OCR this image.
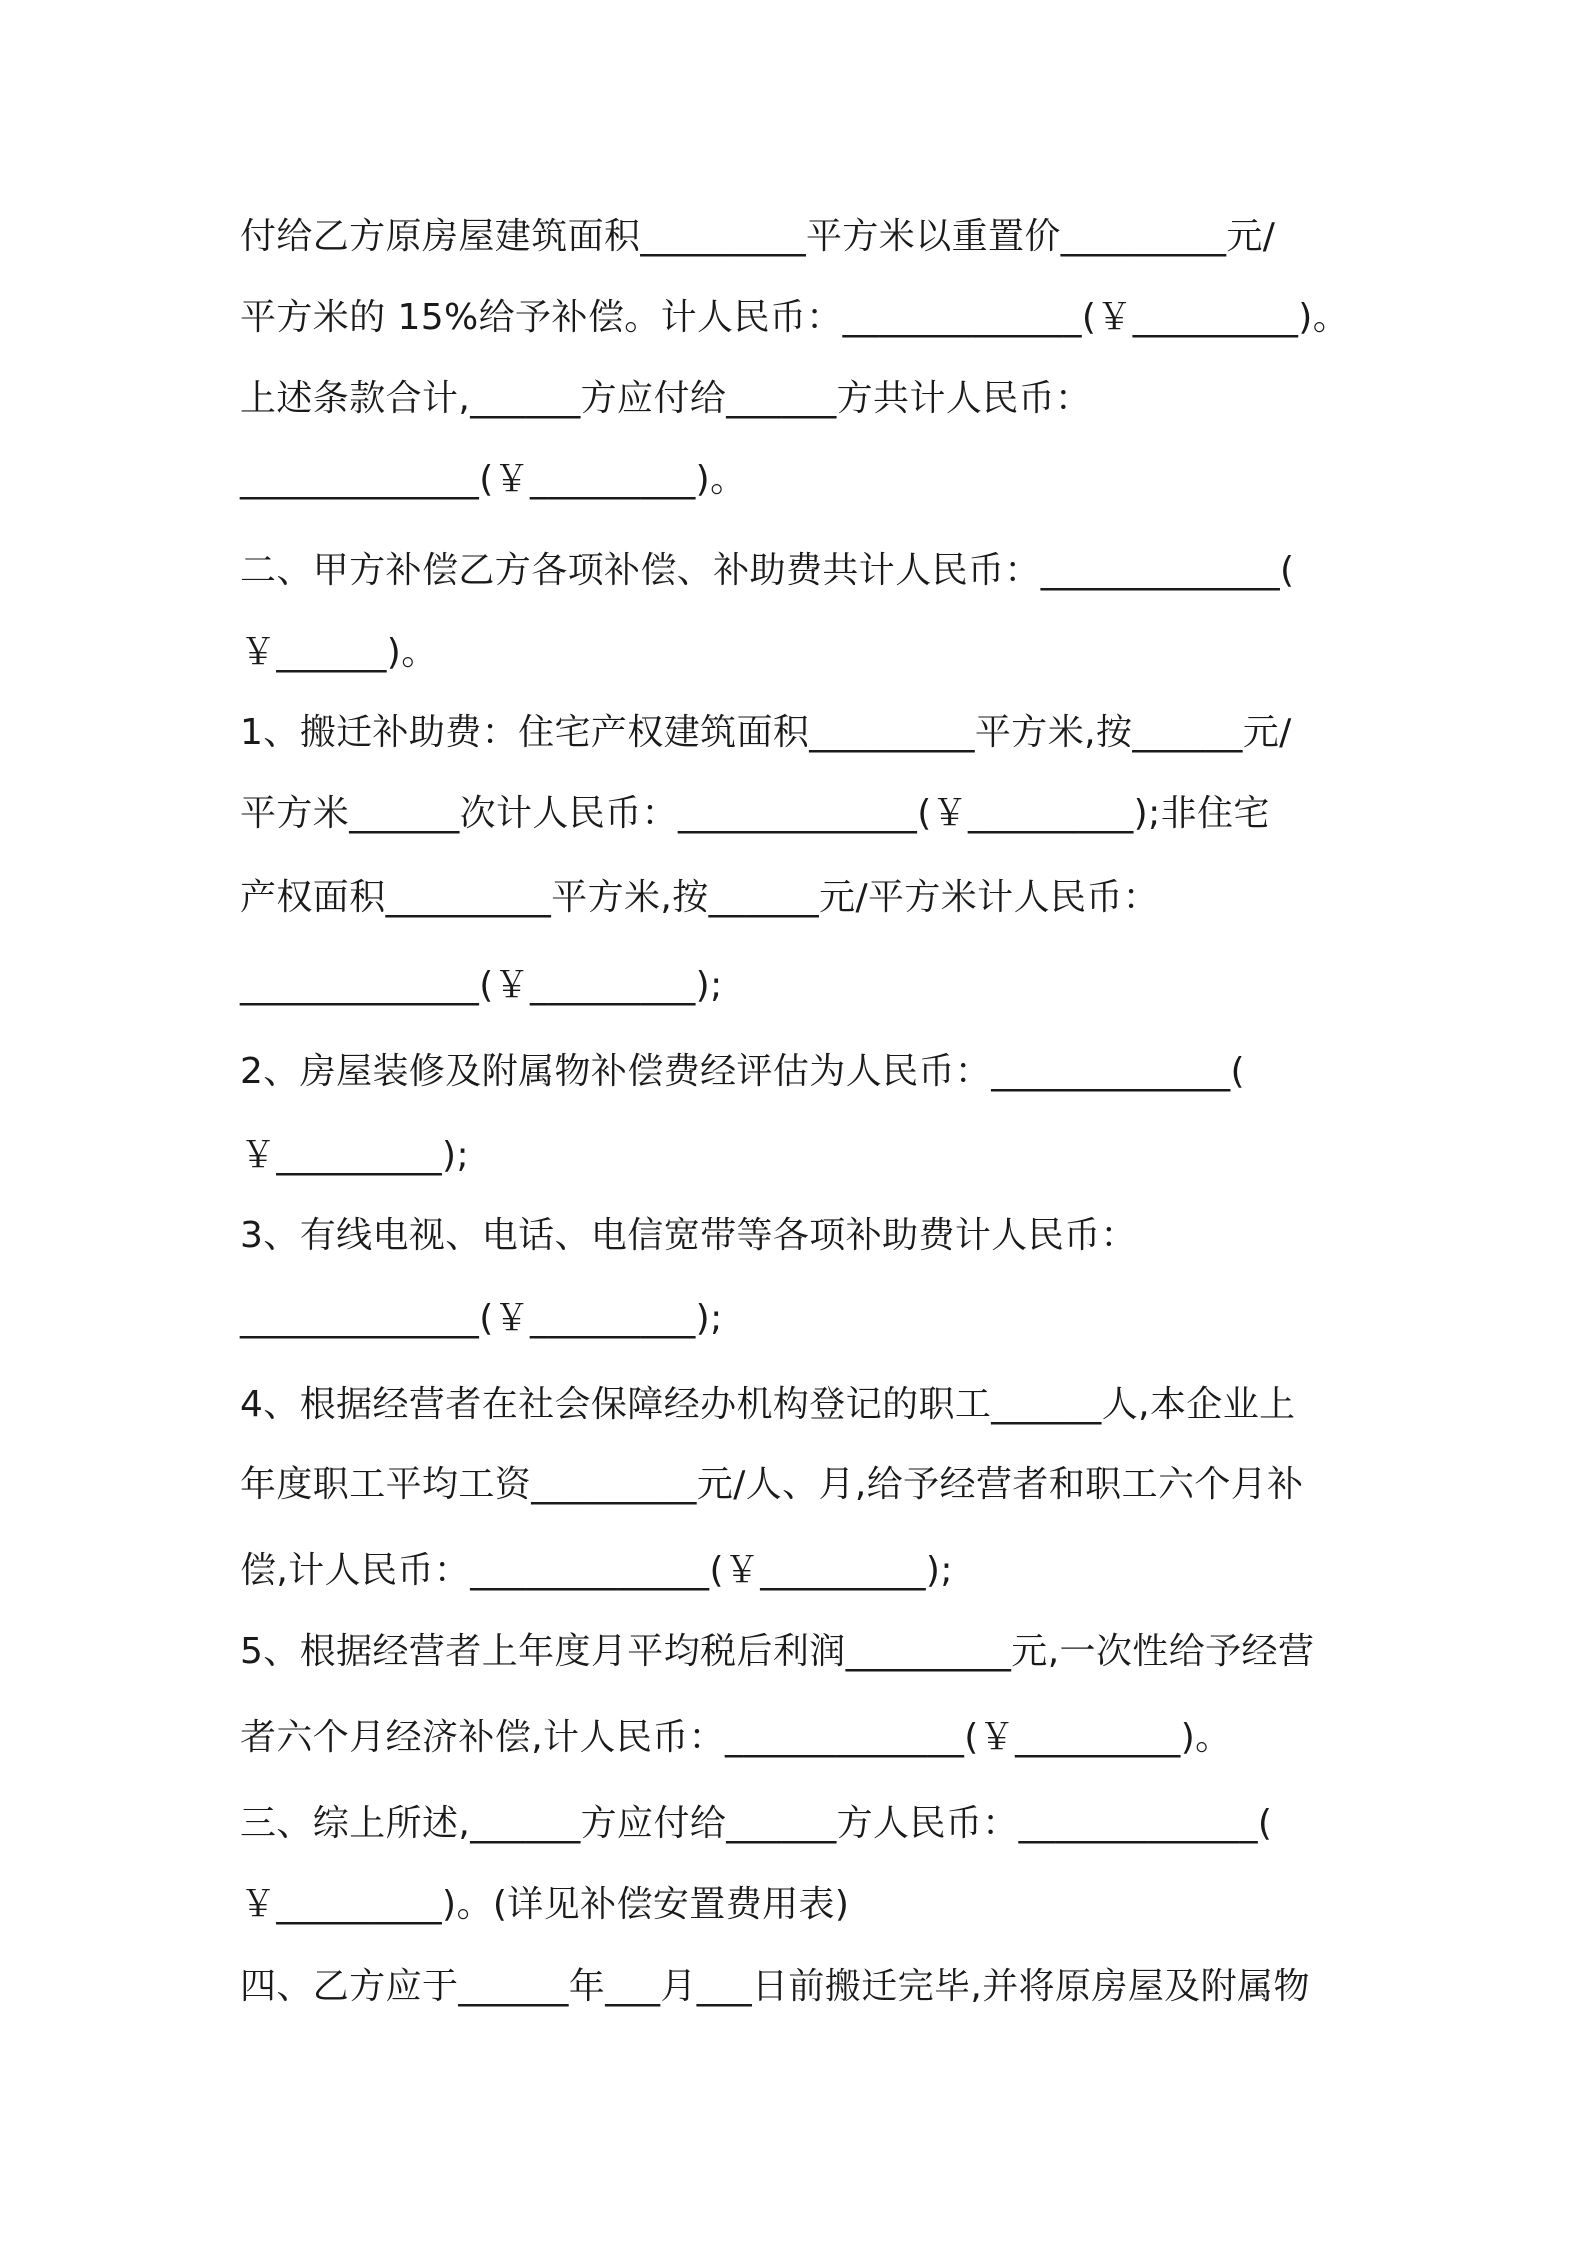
付给乙方原房屋建筑面积_________平方米以重置价_________元/
平方米的 15%给予补偿。计人民币：_____________(￥_________)。
上述条款合计,______方应付给______方共计人民币：
_____________(￥_________)。
二、甲方补偿乙方各项补偿、补助费共计人民币：_____________(
￥______)。
1、搬迁补助费：住宅产权建筑面积_________平方米,按______元/
平方米______次计人民币：_____________(￥_________);非住宅
产权面积_________平方米,按______元/平方米计人民币：
_____________(￥_________);
2、房屋装修及附属物补偿费经评估为人民币：_____________(
￥_________);
3、有线电视、电话、电信宽带等各项补助费计人民币：
_____________(￥_________);
4、根据经营者在社会保障经办机构登记的职工______人,本企业上
年度职工平均工资_________元/人、月,给予经营者和职工六个月补
偿,计人民币：_____________(￥_________);
5、根据经营者上年度月平均税后利润_________元,一次性给予经营
者六个月经济补偿,计人民币：_____________(￥_________)。
三、综上所述,______方应付给______方人民币：_____________(
￥_________)。(详见补偿安置费用表)
四、乙方应于______年___月___日前搬迁完毕,并将原房屋及附属物
